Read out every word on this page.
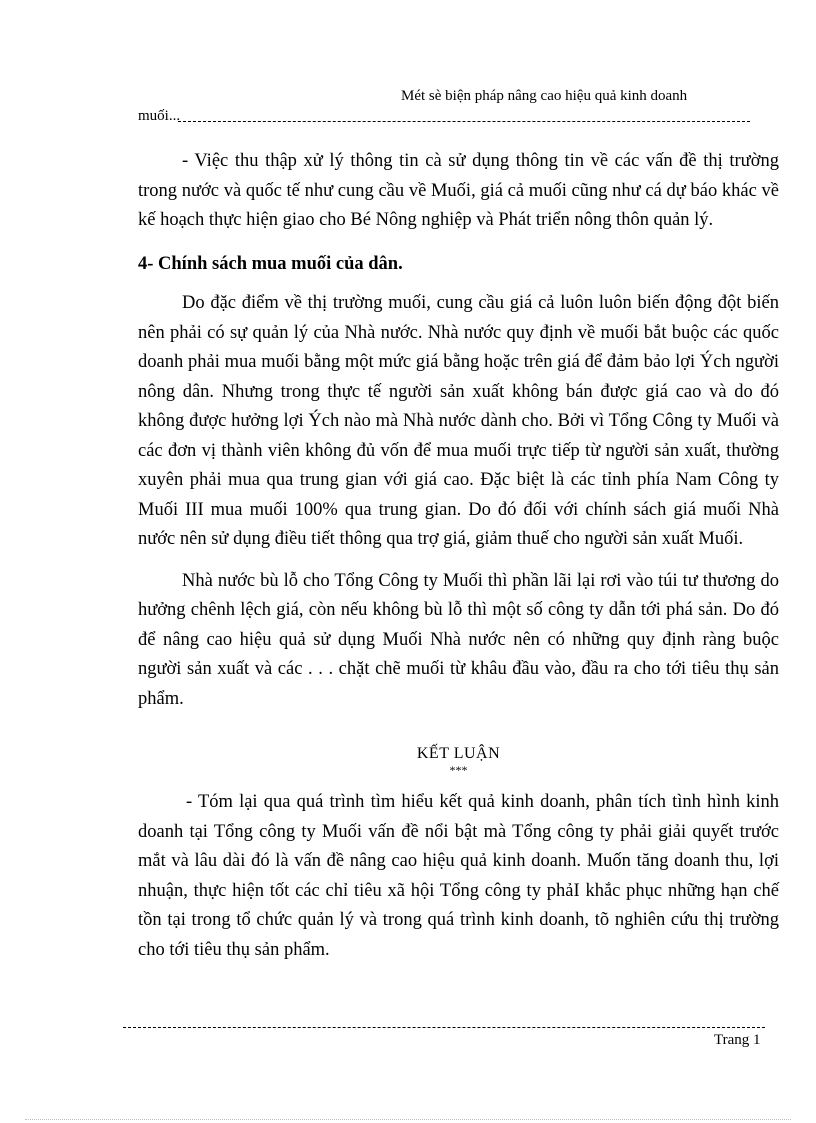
Mét sè biện pháp nâng cao hiệu quả kinh doanh
muối...

- Việc thu thập xử lý thông tin cà sử dụng thông tin về các vấn đề thị trường trong nước và quốc tế như cung cầu về Muối, giá cả muối cũng như cá dự báo khác về kế hoạch thực hiện giao cho Bé Nông nghiệp và Phát triển nông thôn quản lý.

4- Chính sách mua muối của dân.

Do đặc điểm về thị trường muối, cung cầu giá cả luôn luôn biến động đột biến nên phải có sự quản lý của Nhà nước. Nhà nước quy định về muối bắt buộc các quốc doanh phải mua muối bằng một mức giá bằng hoặc trên giá để đảm bảo lợi Ých người nông dân. Nhưng trong thực tế người sản xuất không bán được giá cao và do đó không được hưởng lợi Ých nào mà Nhà nước dành cho. Bởi vì Tổng Công ty Muối và các đơn vị thành viên không đủ vốn để mua muối trực tiếp từ người sản xuất, thường xuyên phải mua qua trung gian với giá cao. Đặc biệt là các tỉnh phía Nam Công ty Muối III mua muối 100% qua trung gian. Do đó đối với chính sách giá muối Nhà nước nên sử dụng điều tiết thông qua trợ giá, giảm thuế cho người sản xuất Muối.

Nhà nước bù lỗ cho Tổng Công ty Muối thì phần lãi lại rơi vào túi tư thương do hưởng chênh lệch giá, còn nếu không bù lỗ thì một số công ty dẫn tới phá sản. Do đó để nâng cao hiệu quả sử dụng Muối Nhà nước nên có những quy định ràng buộc người sản xuất và các . . . chặt chẽ muối từ khâu đầu vào, đầu ra cho tới tiêu thụ sản phẩm.

KẾT LUẬN

***

- Tóm lại qua quá trình tìm hiểu kết quả kinh doanh, phân tích tình hình kinh doanh tại Tổng công ty Muối vấn đề nổi bật mà Tổng công ty phải giải quyết trước mắt và lâu dài đó là vấn đề nâng cao hiệu quả kinh doanh. Muốn tăng doanh thu, lợi nhuận, thực hiện tốt các chỉ tiêu xã hội Tổng công ty phảI khắc phục những hạn chế tồn tại trong tổ chức quản lý và trong quá trình kinh doanh, tõ nghiên cứu thị trường cho tới tiêu thụ sản phẩm.

Trang 1
